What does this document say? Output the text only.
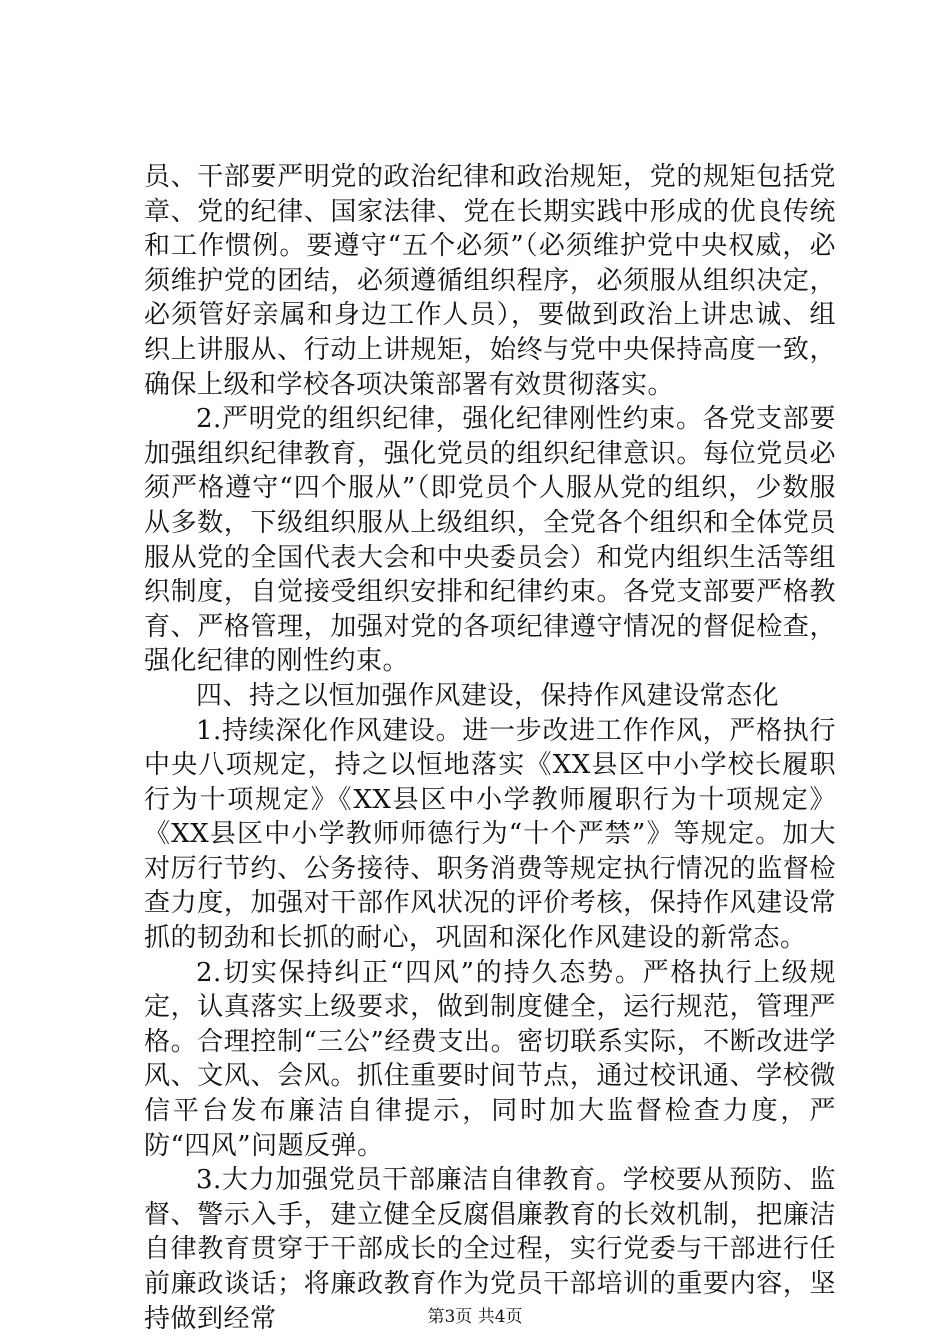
员、干部要严明党的政治纪律和政治规矩，党的规矩包括党章、党的纪律、国家法律、党在长期实践中形成的优良传统和工作惯例。要遵守“五个必须”（必须维护党中央权威，必须维护党的团结，必须遵循组织程序，必须服从组织决定，必须管好亲属和身边工作人员），要做到政治上讲忠诚、组织上讲服从、行动上讲规矩，始终与党中央保持高度一致，确保上级和学校各项决策部署有效贯彻落实。

2.严明党的组织纪律，强化纪律刚性约束。各党支部要加强组织纪律教育，强化党员的组织纪律意识。每位党员必须严格遵守“四个服从”（即党员个人服从党的组织，少数服从多数，下级组织服从上级组织，全党各个组织和全体党员服从党的全国代表大会和中央委员会）和党内组织生活等组织制度，自觉接受组织安排和纪律约束。各党支部要严格教育、严格管理，加强对党的各项纪律遵守情况的督促检查，强化纪律的刚性约束。

四、持之以恒加强作风建设，保持作风建设常态化

1.持续深化作风建设。进一步改进工作作风，严格执行中央八项规定，持之以恒地落实《XX县区中小学校长履职行为十项规定》《XX县区中小学教师履职行为十项规定》《XX县区中小学教师师德行为“十个严禁”》等规定。加大对厉行节约、公务接待、职务消费等规定执行情况的监督检查力度，加强对干部作风状况的评价考核，保持作风建设常抓的韧劲和长抓的耐心，巩固和深化作风建设的新常态。

2.切实保持纠正“四风”的持久态势。严格执行上级规定，认真落实上级要求，做到制度健全，运行规范，管理严格。合理控制“三公”经费支出。密切联系实际，不断改进学风、文风、会风。抓住重要时间节点，通过校讯通、学校微信平台发布廉洁自律提示，同时加大监督检查力度，严防“四风”问题反弹。

3.大力加强党员干部廉洁自律教育。学校要从预防、监督、警示入手，建立健全反腐倡廉教育的长效机制，把廉洁自律教育贯穿于干部成长的全过程，实行党委与干部进行任前廉政谈话；将廉政教育作为党员干部培训的重要内容，坚持做到经常	第3页 共4页
